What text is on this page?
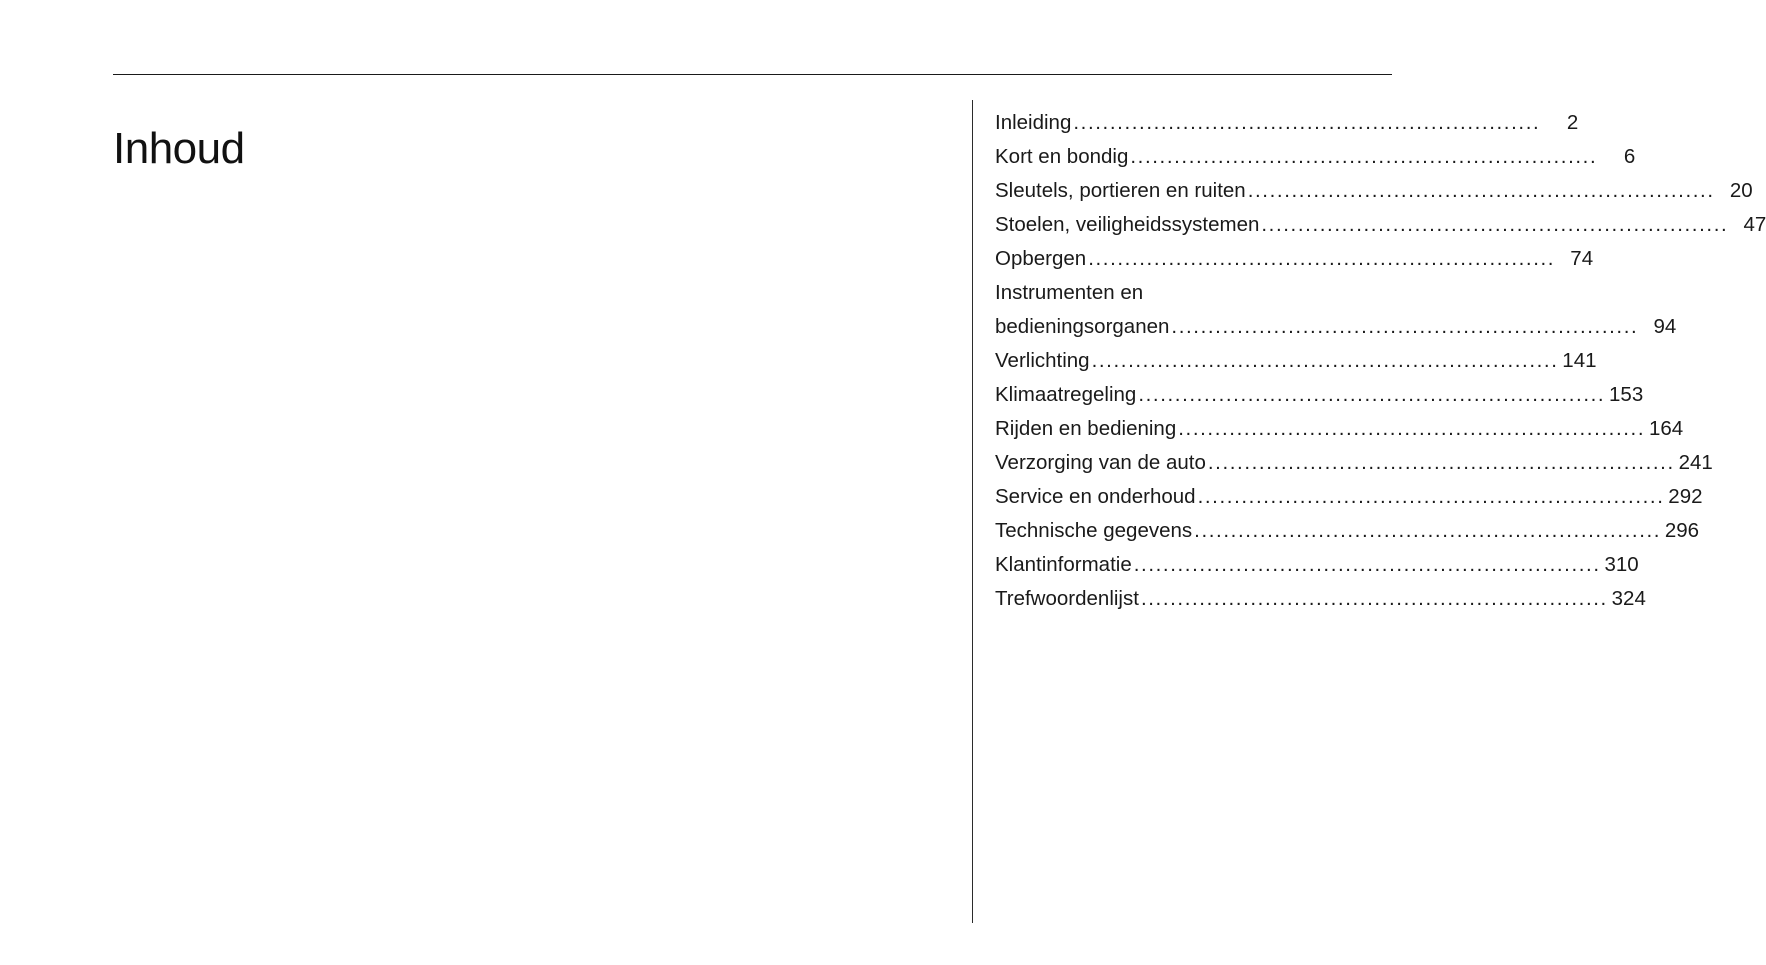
Inhoud
Inleiding ................................................................	2
Kort en bondig ................................................................	6
Sleutels, portieren en ruiten ................................................................ 20
Stoelen, veiligheidssystemen ................................................................ 47
Opbergen ................................................................ 74
Instrumenten en
bedieningsorganen ................................................................ 94
Verlichting ................................................................ 141
Klimaatregeling ................................................................ 153
Rijden en bediening ................................................................ 164
Verzorging van de auto ................................................................ 241
Service en onderhoud ................................................................ 292
Technische gegevens ................................................................ 296
Klantinformatie ................................................................ 310
Trefwoordenlijst ................................................................ 324
